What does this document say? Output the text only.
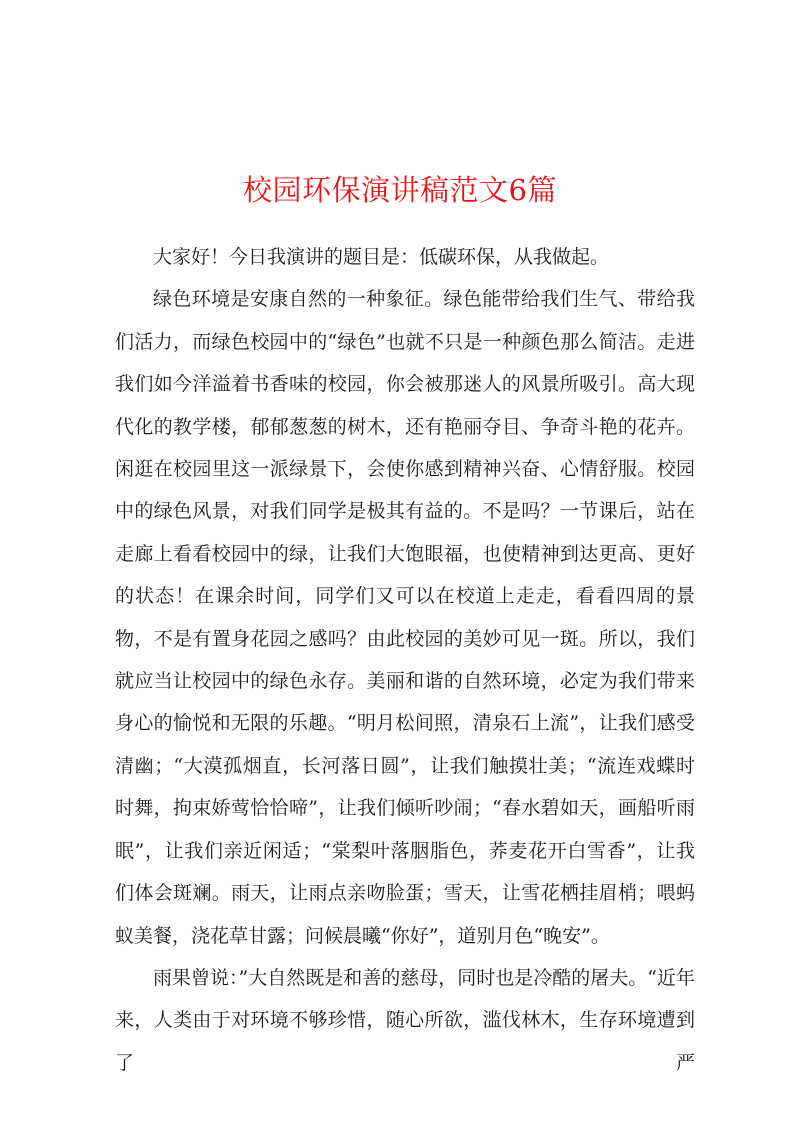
校园环保演讲稿范文6篇

大家好！今日我演讲的题目是：低碳环保，从我做起。

绿色环境是安康自然的一种象征。绿色能带给我们生气、带给我们活力，而绿色校园中的“绿色”也就不只是一种颜色那么简洁。走进我们如今洋溢着书香味的校园，你会被那迷人的风景所吸引。高大现代化的教学楼，郁郁葱葱的树木，还有艳丽夺目、争奇斗艳的花卉。闲逛在校园里这一派绿景下，会使你感到精神兴奋、心情舒服。校园中的绿色风景，对我们同学是极其有益的。不是吗？一节课后，站在走廊上看看校园中的绿，让我们大饱眼福，也使精神到达更高、更好的状态！在课余时间，同学们又可以在校道上走走，看看四周的景物，不是有置身花园之感吗？由此校园的美妙可见一斑。所以，我们就应当让校园中的绿色永存。美丽和谐的自然环境，必定为我们带来身心的愉悦和无限的乐趣。“明月松间照，清泉石上流”，让我们感受清幽；“大漠孤烟直，长河落日圆”，让我们触摸壮美；“流连戏蝶时时舞，拘束娇莺恰恰啼”，让我们倾听吵闹；“春水碧如天，画船听雨眠”，让我们亲近闲适；“棠梨叶落胭脂色，荞麦花开白雪香”，让我们体会斑斓。雨天，让雨点亲吻脸蛋；雪天，让雪花栖挂眉梢；喂蚂蚁美餐，浇花草甘露；问候晨曦“你好”，道别月色“晚安”。

雨果曾说：”大自然既是和善的慈母，同时也是冷酷的屠夫。“近年来，人类由于对环境不够珍惜，随心所欲，滥伐林木，生存环境遭到了严
